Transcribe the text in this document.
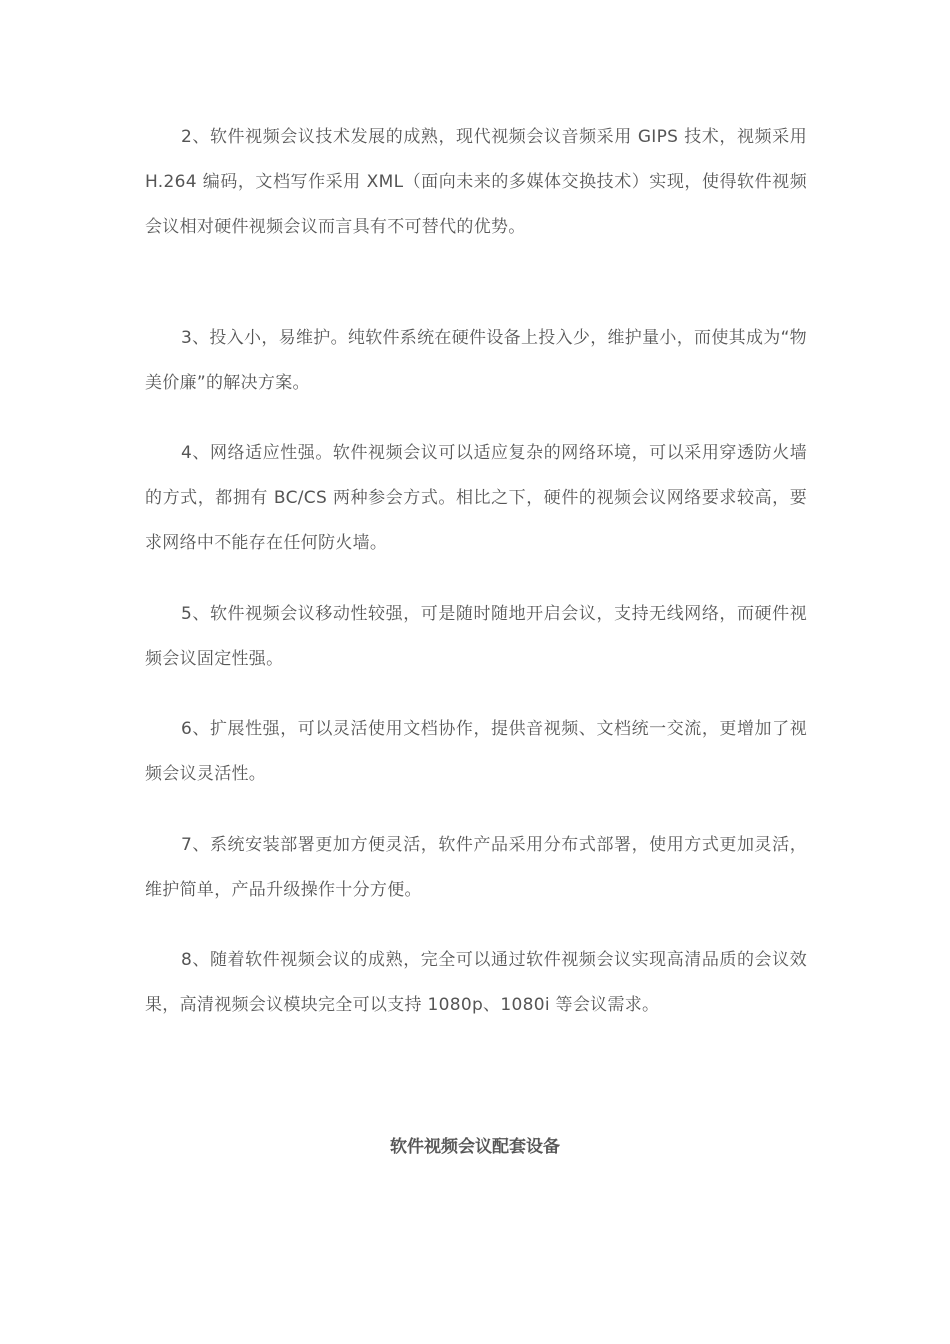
2、软件视频会议技术发展的成熟，现代视频会议音频采用 GIPS 技术，视频采用 H.264 编码，文档写作采用 XML（面向未来的多媒体交换技术）实现，使得软件视频会议相对硬件视频会议而言具有不可替代的优势。

3、投入小，易维护。纯软件系统在硬件设备上投入少，维护量小，而使其成为“物美价廉”的解决方案。

4、网络适应性强。软件视频会议可以适应复杂的网络环境，可以采用穿透防火墙的方式，都拥有 BC/CS 两种参会方式。相比之下，硬件的视频会议网络要求较高，要求网络中不能存在任何防火墙。

5、软件视频会议移动性较强，可是随时随地开启会议，支持无线网络，而硬件视频会议固定性强。

6、扩展性强，可以灵活使用文档协作，提供音视频、文档统一交流，更增加了视频会议灵活性。

7、系统安装部署更加方便灵活，软件产品采用分布式部署，使用方式更加灵活，维护简单，产品升级操作十分方便。

8、随着软件视频会议的成熟，完全可以通过软件视频会议实现高清品质的会议效果，高清视频会议模块完全可以支持 1080p、1080i 等会议需求。

软件视频会议配套设备
